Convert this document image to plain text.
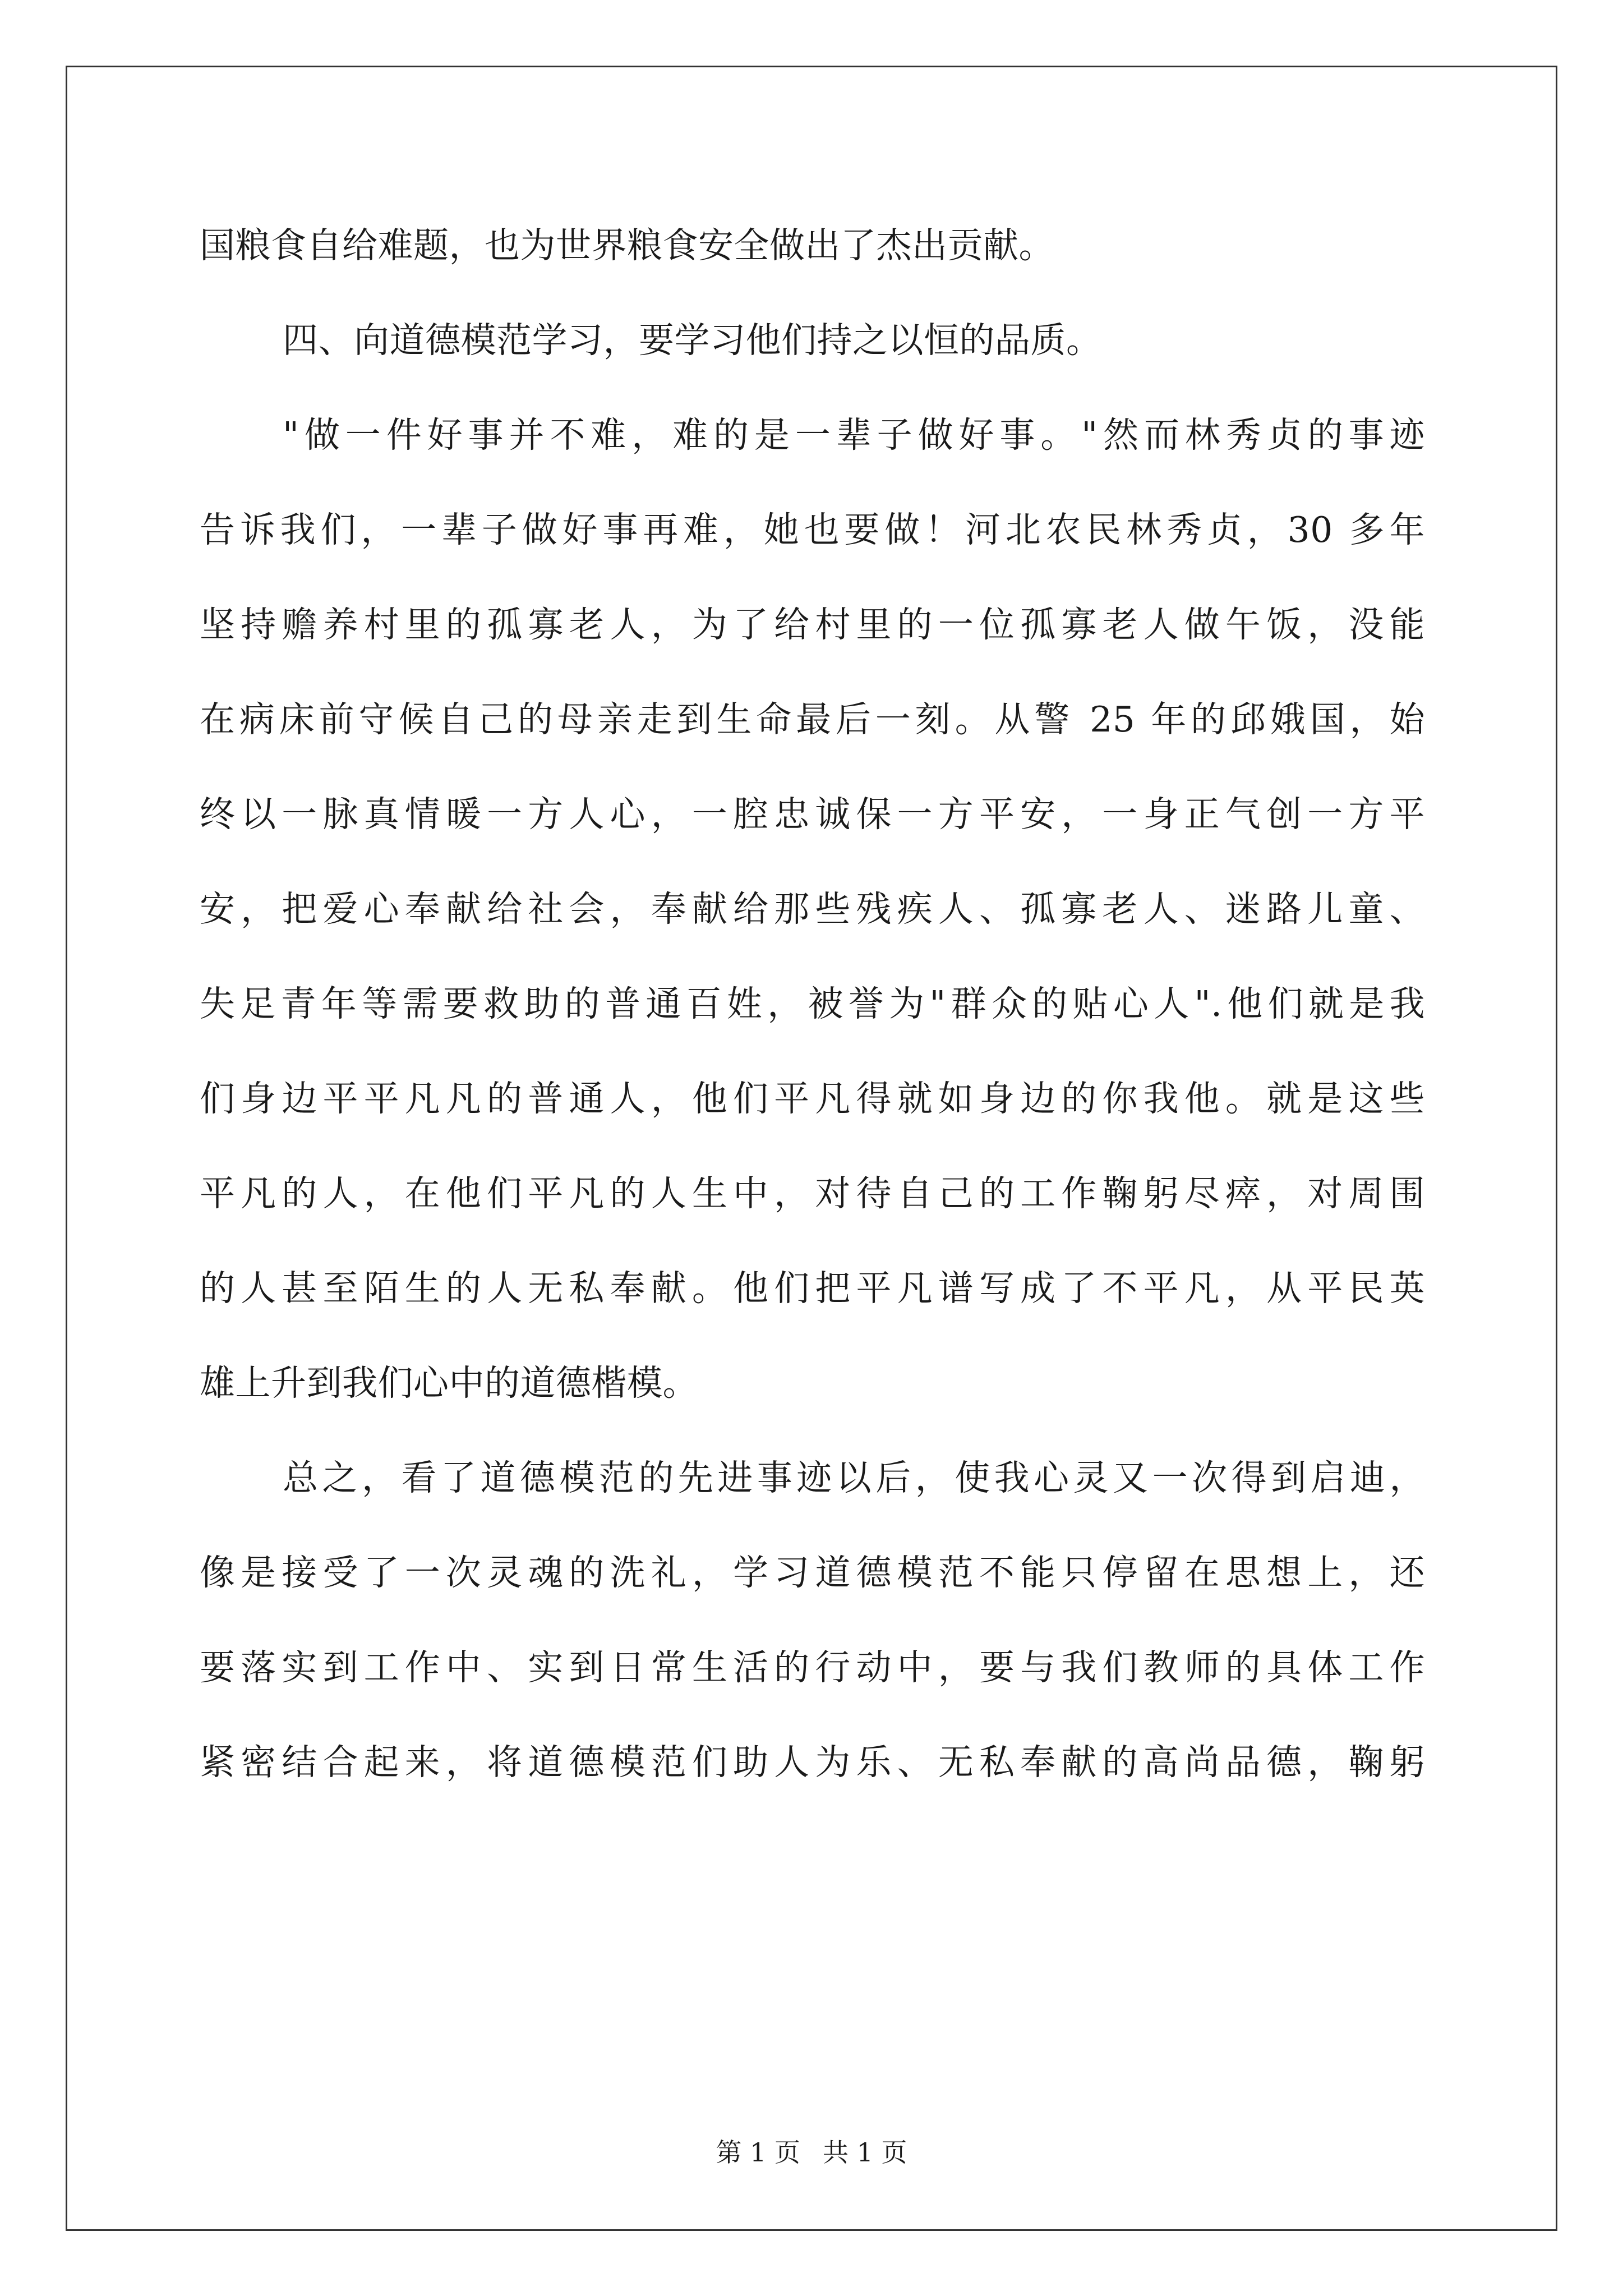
国粮食自给难题，也为世界粮食安全做出了杰出贡献。
四、向道德模范学习，要学习他们持之以恒的品质。
"做一件好事并不难，难的是一辈子做好事。"然而林秀贞的事迹
告诉我们，一辈子做好事再难，她也要做！河北农民林秀贞，30 多年
坚持赡养村里的孤寡老人，为了给村里的一位孤寡老人做午饭，没能
在病床前守候自己的母亲走到生命最后一刻。从警 25 年的邱娥国，始
终以一脉真情暖一方人心，一腔忠诚保一方平安，一身正气创一方平
安，把爱心奉献给社会，奉献给那些残疾人、孤寡老人、迷路儿童、
失足青年等需要救助的普通百姓，被誉为"群众的贴心人".他们就是我
们身边平平凡凡的普通人，他们平凡得就如身边的你我他。就是这些
平凡的人，在他们平凡的人生中，对待自己的工作鞠躬尽瘁，对周围
的人甚至陌生的人无私奉献。他们把平凡谱写成了不平凡，从平民英
雄上升到我们心中的道德楷模。
总之，看了道德模范的先进事迹以后，使我心灵又一次得到启迪，
像是接受了一次灵魂的洗礼，学习道德模范不能只停留在思想上，还
要落实到工作中、实到日常生活的行动中，要与我们教师的具体工作
紧密结合起来，将道德模范们助人为乐、无私奉献的高尚品德，鞠躬
第 1 页 共 1 页
